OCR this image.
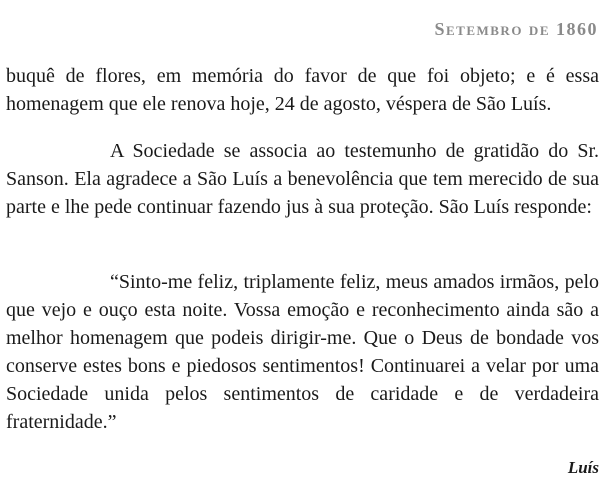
Setembro de 1860

buquê de flores, em memória do favor de que foi objeto; e é essa homenagem que ele renova hoje, 24 de agosto, véspera de São Luís.

A Sociedade se associa ao testemunho de gratidão do Sr. Sanson. Ela agradece a São Luís a benevolência que tem merecido de sua parte e lhe pede continuar fazendo jus à sua proteção. São Luís responde:

“Sinto-me feliz, triplamente feliz, meus amados irmãos, pelo que vejo e ouço esta noite. Vossa emoção e reconhecimento ainda são a melhor homenagem que podeis dirigir-me. Que o Deus de bondade vos conserve estes bons e piedosos sentimentos! Continuarei a velar por uma Sociedade unida pelos sentimentos de caridade e de verdadeira fraternidade.”

Luís
